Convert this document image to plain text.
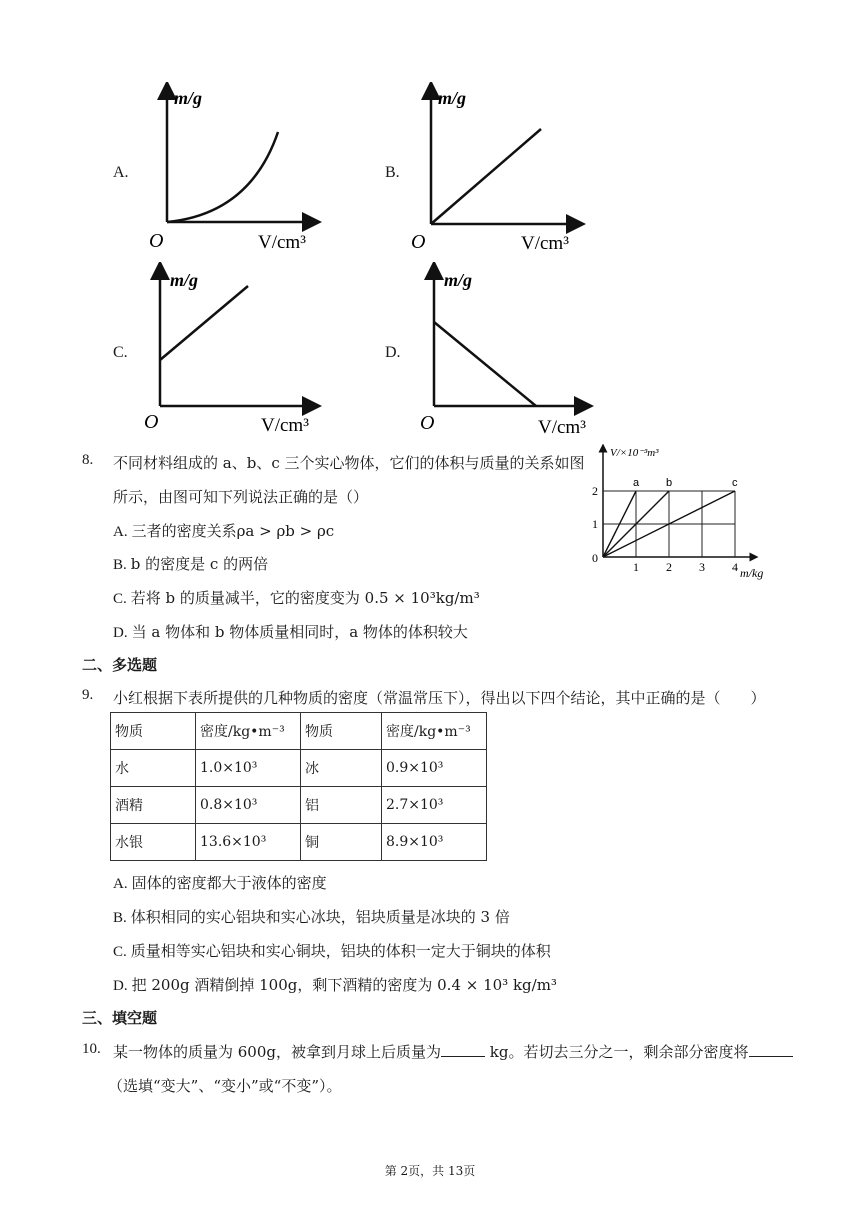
A.
m/g
O	V/cm³
B.
m/g
O	V/cm³
C.
m/g
O	V/cm³
D.
m/g
O	V/cm³
8. 不同材料组成的 a、b、c 三个实心物体，它们的体积与质量的关系如图
所示，由图可知下列说法正确的是（）
A. 三者的密度关系ρa > ρb > ρc
B. b 的密度是 c 的两倍
C. 若将 b 的质量减半，它的密度变为 0.5 × 10³kg/m³
D. 当 a 物体和 b 物体质量相同时，a 物体的体积较大
a b	c
1 2 3 4
1
2
V/×10⁻³m³
m/kg
0
二、多选题
9. 小红根据下表所提供的几种物质的密度（常温常压下），得出以下四个结论，其中正确的是（　　）
物质	密度/kg•m⁻³	物质	密度/kg•m⁻³
水	1.0×10³	冰	0.9×10³
酒精	0.8×10³	铝	2.7×10³
水银	13.6×10³	铜	8.9×10³
A. 固体的密度都大于液体的密度
B. 体积相同的实心铝块和实心冰块，铝块质量是冰块的 3 倍
C. 质量相等实心铝块和实心铜块，铝块的体积一定大于铜块的体积
D. 把 200g 酒精倒掉 100g，剩下酒精的密度为 0.4 × 10³ kg/m³
三、填空题
10. 某一物体的质量为 600g，被拿到月球上后质量为	kg。若切去三分之一，剩余部分密度将
（选填“变大”、“变小”或“不变”）。
第 2页，共 13页
